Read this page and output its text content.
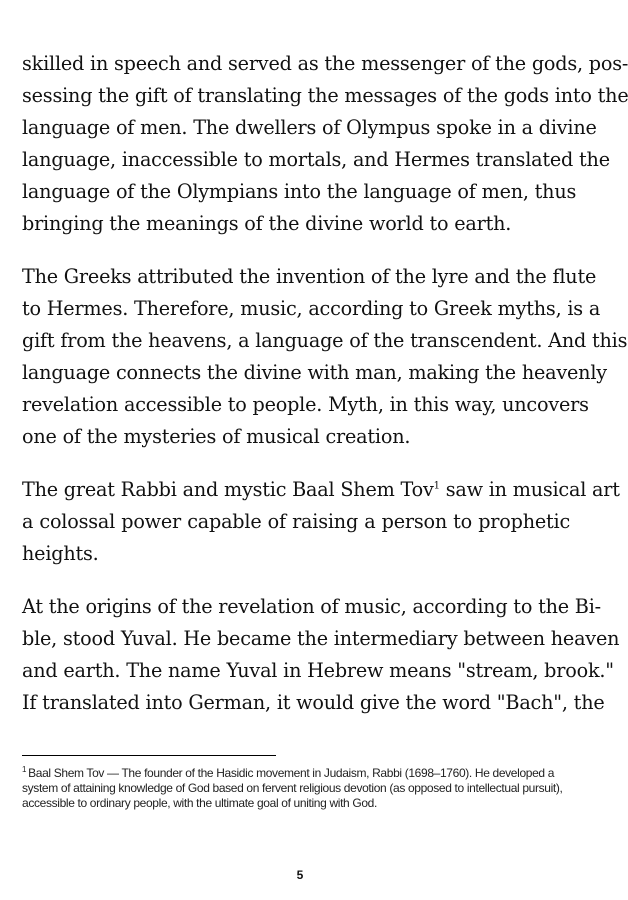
skilled in speech and served as the messenger of the gods, pos-
sessing the gift of translating the messages of the gods into the
language of men. The dwellers of Olympus spoke in a divine
language, inaccessible to mortals, and Hermes translated the
language of the Olympians into the language of men, thus
bringing the meanings of the divine world to earth.

The Greeks attributed the invention of the lyre and the flute
to Hermes. Therefore, music, according to Greek myths, is a
gift from the heavens, a language of the transcendent. And this
language connects the divine with man, making the heavenly
revelation accessible to people. Myth, in this way, uncovers
one of the mysteries of musical creation.

The great Rabbi and mystic Baal Shem Tov$^1$ saw in musical art
a colossal power capable of raising a person to prophetic
heights.

At the origins of the revelation of music, according to the Bi-
ble, stood Yuval. He became the intermediary between heaven
and earth. The name Yuval in Hebrew means "stream, brook."
If translated into German, it would give the word "Bach", the

$^1$ Baal Shem Tov — The founder of the Hasidic movement in Judaism, Rabbi (1698–1760). He developed a system of attaining knowledge of God based on fervent religious devotion (as opposed to intellectual pursuit), accessible to ordinary people, with the ultimate goal of uniting with God.
5
